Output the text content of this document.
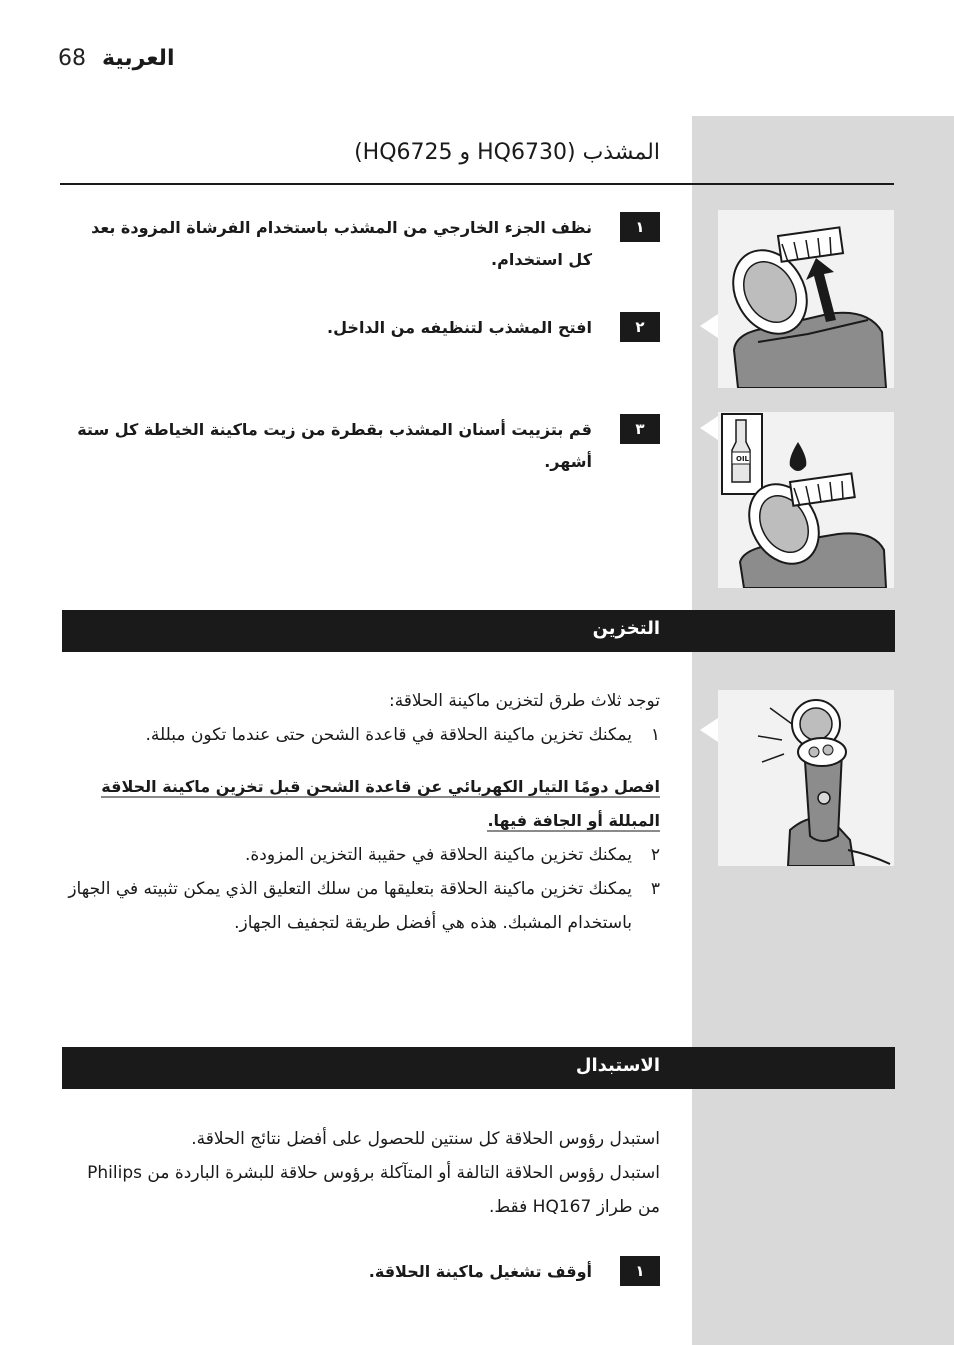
68 العربية
المشذب (HQ6730 و HQ6725)
١
نظف الجزء الخارجي من المشذب باستخدام الفرشاة المزودة بعد كل استخدام.
٢
افتح المشذب لتنظيفه من الداخل.
٣
قم بتزييت أسنان المشذب بقطرة من زيت ماكينة الخياطة كل ستة أشهر.	OIL
التخزين
توجد ثلاث طرق لتخزين ماكينة الحلاقة:
١
يمكنك تخزين ماكينة الحلاقة في قاعدة الشحن حتى عندما تكون مبللة.
افصل دومًا التيار الكهربائي عن قاعدة الشحن قبل تخزين ماكينة الحلاقة المبللة أو الجافة فيها.
٢
يمكنك تخزين ماكينة الحلاقة في حقيبة التخزين المزودة.
٣
يمكنك تخزين ماكينة الحلاقة بتعليقها من سلك التعليق الذي يمكن تثبيته في الجهاز باستخدام المشبك. هذه هي أفضل طريقة لتجفيف الجهاز.
الاستبدال
استبدل رؤوس الحلاقة كل سنتين للحصول على أفضل نتائج الحلاقة.
استبدل رؤوس الحلاقة التالفة أو المتآكلة برؤوس حلاقة للبشرة الباردة من Philips من طراز HQ167 فقط.
١
أوقف تشغيل ماكينة الحلاقة.
